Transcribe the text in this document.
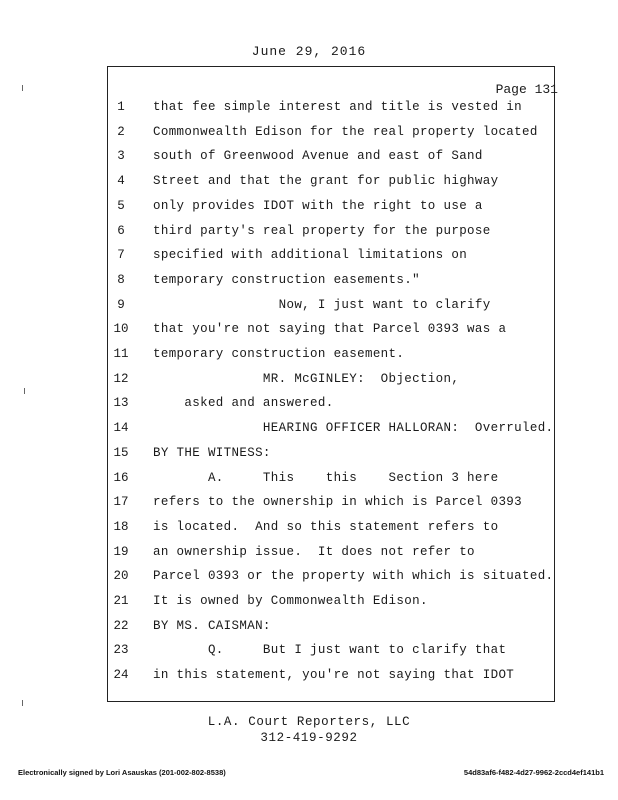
June 29, 2016
Page 131
1	that fee simple interest and title is vested in
2	Commonwealth Edison for the real property located
3	south of Greenwood Avenue and east of Sand
4	Street and that the grant for public highway
5	only provides IDOT with the right to use a
6	third party's real property for the purpose
7	specified with additional limitations on
8	temporary construction easements."
9	Now, I just want to clarify
10	that you're not saying that Parcel 0393 was a
11	temporary construction easement.
12	MR. McGINLEY:  Objection,
13	asked and answered.
14	HEARING OFFICER HALLORAN:  Overruled.
15	BY THE WITNESS:
16	A.     This    this    Section 3 here
17	refers to the ownership in which is Parcel 0393
18	is located.  And so this statement refers to
19	an ownership issue.  It does not refer to
20	Parcel 0393 or the property with which is situated.
21	It is owned by Commonwealth Edison.
22	BY MS. CAISMAN:
23	Q.     But I just want to clarify that
24	in this statement, you're not saying that IDOT
L.A. Court Reporters, LLC
312-419-9292
Electronically signed by Lori Asauskas (201-002-802-8538)	54d83af6-f482-4d27-9962-2ccd4ef141b1
